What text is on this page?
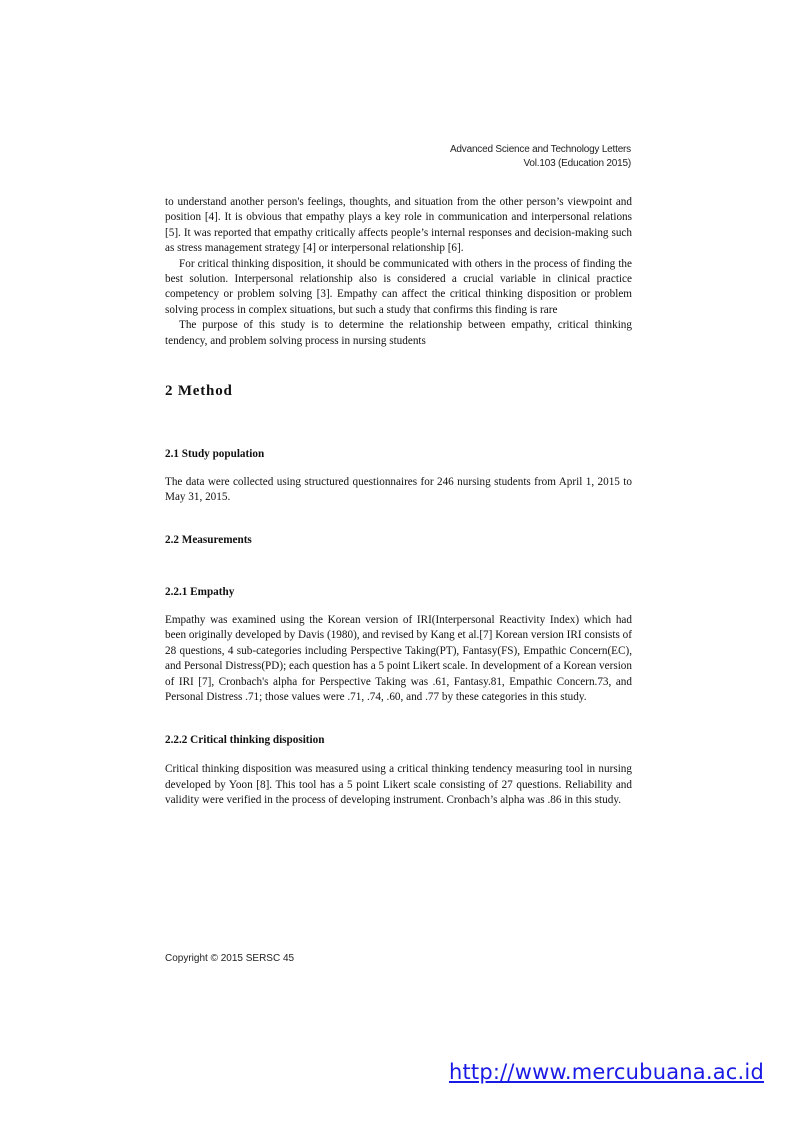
Advanced Science and Technology Letters
Vol.103 (Education 2015)

to understand another person's feelings, thoughts, and situation from the other person’s viewpoint and position [4]. It is obvious that empathy plays a key role in communication and interpersonal relations [5]. It was reported that empathy critically affects people’s internal responses and decision-making such as stress management strategy [4] or interpersonal relationship [6].

For critical thinking disposition, it should be communicated with others in the process of finding the best solution. Interpersonal relationship also is considered a crucial variable in clinical practice competency or problem solving [3]. Empathy can affect the critical thinking disposition or problem solving process in complex situations, but such a study that confirms this finding is rare

The purpose of this study is to determine the relationship between empathy, critical thinking tendency, and problem solving process in nursing students

2 Method
2.1 Study population

The data were collected using structured questionnaires for 246 nursing students from April 1, 2015 to May 31, 2015.

2.2 Measurements
2.2.1 Empathy

Empathy was examined using the Korean version of IRI(Interpersonal Reactivity Index) which had been originally developed by Davis (1980), and revised by Kang et al.[7] Korean version IRI consists of 28 questions, 4 sub-categories including Perspective Taking(PT), Fantasy(FS), Empathic Concern(EC), and Personal Distress(PD); each question has a 5 point Likert scale. In development of a Korean version of IRI [7], Cronbach's alpha for Perspective Taking was .61, Fantasy.81, Empathic Concern.73, and Personal Distress .71; those values were .71, .74, .60, and .77 by these categories in this study.

2.2.2 Critical thinking disposition

Critical thinking disposition was measured using a critical thinking tendency measuring tool in nursing developed by Yoon [8]. This tool has a 5 point Likert scale consisting of 27 questions. Reliability and validity were verified in the process of developing instrument. Cronbach’s alpha was .86 in this study.

Copyright © 2015 SERSC 45
http://www.mercubuana.ac.id
